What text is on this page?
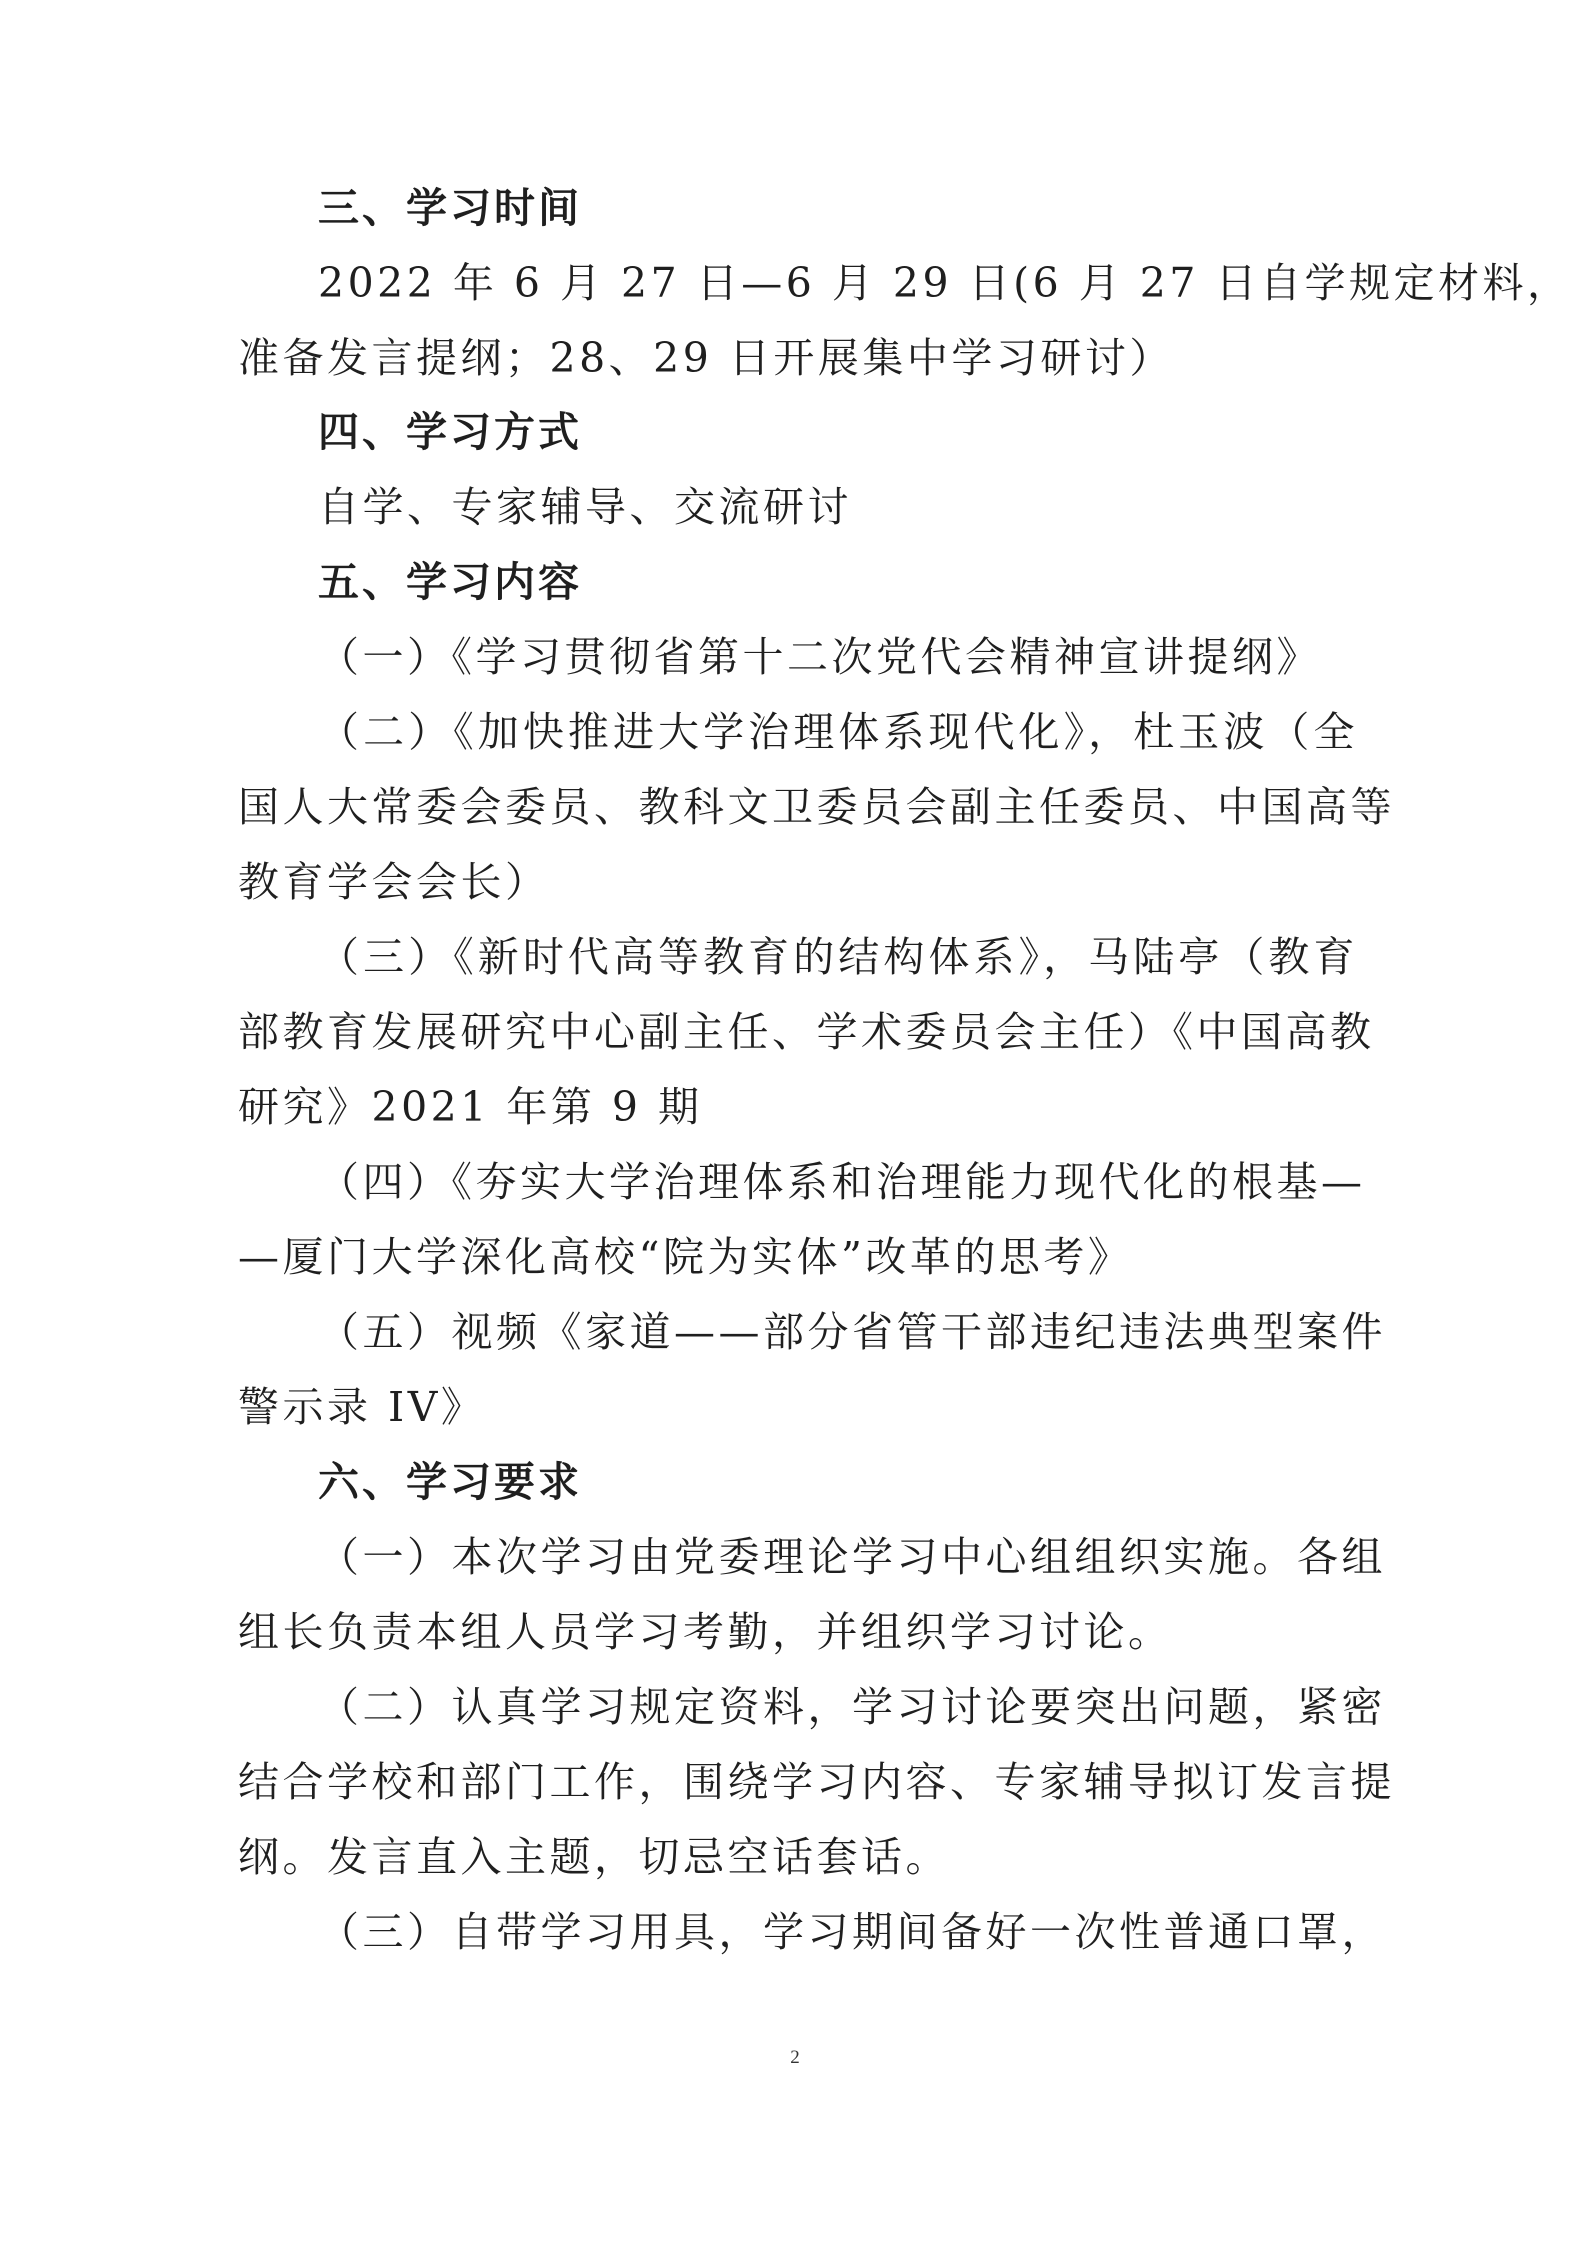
三、学习时间
2022 年 6 月 27 日—6 月 29 日(6 月 27 日自学规定材料，
准备发言提纲；28、29 日开展集中学习研讨）
四、学习方式
自学、专家辅导、交流研讨
五、学习内容
（一）《学习贯彻省第十二次党代会精神宣讲提纲》
（二）《加快推进大学治理体系现代化》，杜玉波（全
国人大常委会委员、教科文卫委员会副主任委员、中国高等
教育学会会长）
（三）《新时代高等教育的结构体系》，马陆亭（教育
部教育发展研究中心副主任、学术委员会主任）《中国高教
研究》2021 年第 9 期
（四）《夯实大学治理体系和治理能力现代化的根基—
—厦门大学深化高校“院为实体”改革的思考》
（五）视频《家道——部分省管干部违纪违法典型案件
警示录 IV》
六、学习要求
（一）本次学习由党委理论学习中心组组织实施。各组
组长负责本组人员学习考勤，并组织学习讨论。
（二）认真学习规定资料，学习讨论要突出问题，紧密
结合学校和部门工作，围绕学习内容、专家辅导拟订发言提
纲。发言直入主题，切忌空话套话。
（三）自带学习用具，学习期间备好一次性普通口罩，
2
